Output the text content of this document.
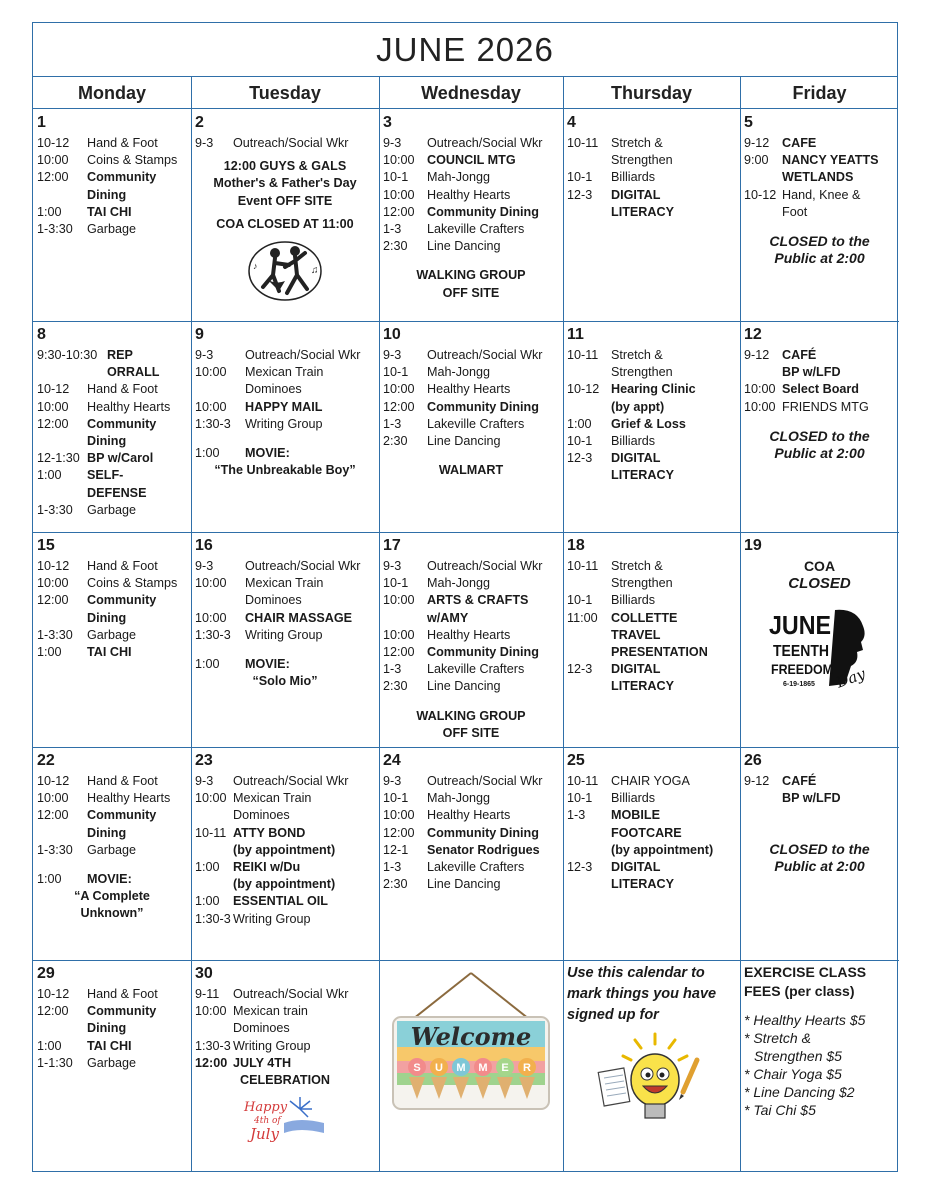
JUNE 2026
Monday	Tuesday	Wednesday	Thursday	Friday
1
10-12	Hand & Foot
10:00	Coins & Stamps
12:00	Community
Dining
1:00	TAI CHI
1-3:30	Garbage
2
9-3	Outreach/Social Wkr
12:00 GUYS & GALS
Mother's & Father's Day
Event OFF SITE
COA CLOSED AT 11:00
♫
♪
3
9-3	Outreach/Social Wkr
10:00 COUNCIL MTG
10-1	Mah-Jongg
10:00 Healthy Hearts
12:00 Community Dining
1-3	Lakeville Crafters
2:30	Line Dancing
WALKING GROUP
OFF SITE
4
10-11	Stretch &
Strengthen
10-1	Billiards
12-3	DIGITAL
LITERACY
5
9-12	CAFE
9:00	NANCY YEATTS
WETLANDS
10-12 Hand, Knee &
Foot
CLOSED to the
Public at 2:00
8
9:30-10:30 REP
ORRALL
10-12	Hand & Foot
10:00	Healthy Hearts
12:00	Community
Dining
12-1:30 BP w/Carol
1:00	SELF-
DEFENSE
1-3:30	Garbage
9
9-3	Outreach/Social Wkr
10:00	Mexican Train
Dominoes
10:00	HAPPY MAIL
1:30-3	Writing Group
1:00	MOVIE:
“The Unbreakable Boy”
10
9-3	Outreach/Social Wkr
10-1	Mah-Jongg
10:00 Healthy Hearts
12:00 Community Dining
1-3	Lakeville Crafters
2:30	Line Dancing
WALMART
11
10-11	Stretch &
Strengthen
10-12 Hearing Clinic
(by appt)
1:00	Grief & Loss
10-1	Billiards
12-3	DIGITAL
LITERACY
12
9-12	CAFÉ
BP w/LFD
10:00 Select Board
10:00 FRIENDS MTG
CLOSED to the
Public at 2:00
15
10-12	Hand & Foot
10:00	Coins & Stamps
12:00	Community
Dining
1-3:30	Garbage
1:00	TAI CHI
16
9-3	Outreach/Social Wkr
10:00	Mexican Train
Dominoes
10:00	CHAIR MASSAGE
1:30-3	Writing Group
1:00	MOVIE:
“Solo Mio”
17
9-3	Outreach/Social Wkr
10-1	Mah-Jongg
10:00 ARTS & CRAFTS
w/AMY
10:00 Healthy Hearts
12:00 Community Dining
1-3	Lakeville Crafters
2:30	Line Dancing
WALKING GROUP
OFF SITE
18
10-11	Stretch &
Strengthen
10-1	Billiards
11:00	COLLETTE
TRAVEL
PRESENTATION
12-3	DIGITAL
LITERACY
19
COA
CLOSED
JUNE
TEENTH
FREEDOM Day
6-19-1865
22
10-12	Hand & Foot
10:00	Healthy Hearts
12:00	Community
Dining
1-3:30	Garbage
1:00	MOVIE:
“A Complete
Unknown”
23
9-3	Outreach/Social Wkr
10:00 Mexican Train
Dominoes
10-11 ATTY BOND
(by appointment)
1:00	REIKI w/Du
(by appointment)
1:00	ESSENTIAL OIL
1:30-3 Writing Group
24
9-3	Outreach/Social Wkr
10-1	Mah-Jongg
10:00 Healthy Hearts
12:00 Community Dining
12-1	Senator Rodrigues
1-3	Lakeville Crafters
2:30	Line Dancing
25
10-11	CHAIR YOGA
10-1	Billiards
1-3	MOBILE
FOOTCARE
(by appointment)
12-3	DIGITAL
LITERACY
26
9-12	CAFÉ
BP w/LFD
CLOSED to the
Public at 2:00
29
10-12	Hand & Foot
12:00	Community
Dining
1:00	TAI CHI
1-1:30	Garbage
30
9-11	Outreach/Social Wkr
10:00 Mexican train
Dominoes
1:30-3 Writing Group
12:00 JULY 4TH
CELEBRATION
Happy
4th of
July
Welcome
S U M M E R
Use this calendar to mark things you have signed up for
EXERCISE CLASS FEES (per class)
* Healthy Hearts $5
* Stretch &
Strengthen $5
* Chair Yoga $5
* Line Dancing $2
* Tai Chi $5
